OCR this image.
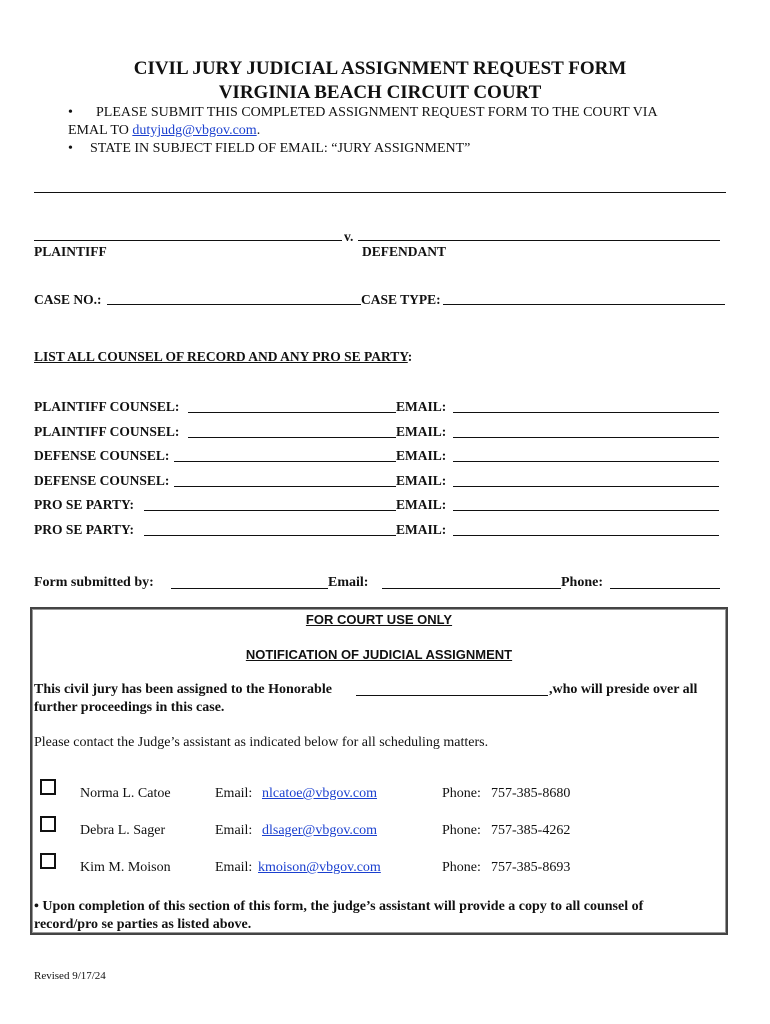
CIVIL JURY JUDICIAL ASSIGNMENT REQUEST FORM
VIRGINIA BEACH CIRCUIT COURT
• PLEASE SUBMIT THIS COMPLETED ASSIGNMENT REQUEST FORM TO THE COURT VIA
EMAL TO dutyjudg@vbgov.com.
• STATE IN SUBJECT FIELD OF EMAIL: “JURY ASSIGNMENT”
v.
PLAINTIFF	DEFENDANT
CASE NO.:	CASE TYPE:
LIST ALL COUNSEL OF RECORD AND ANY PRO SE PARTY:
PLAINTIFF COUNSEL:	EMAIL:
PLAINTIFF COUNSEL:	EMAIL:
DEFENSE COUNSEL:	EMAIL:
DEFENSE COUNSEL:	EMAIL:
PRO SE PARTY:	EMAIL:
PRO SE PARTY:	EMAIL:
Form submitted by:	Email:	Phone:
FOR COURT USE ONLY
NOTIFICATION OF JUDICIAL ASSIGNMENT
This civil jury has been assigned to the Honorable	,who will preside over all
further proceedings in this case.
Please contact the Judge’s assistant as indicated below for all scheduling matters.
Norma L. Catoe	Email: nlcatoe@vbgov.com	Phone: 757-385-8680
Debra L. Sager	Email: dlsager@vbgov.com	Phone: 757-385-4262
Kim M. Moison	Email: kmoison@vbgov.com	Phone: 757-385-8693
• Upon completion of this section of this form, the judge’s assistant will provide a copy to all counsel of
record/pro se parties as listed above.
Revised 9/17/24
